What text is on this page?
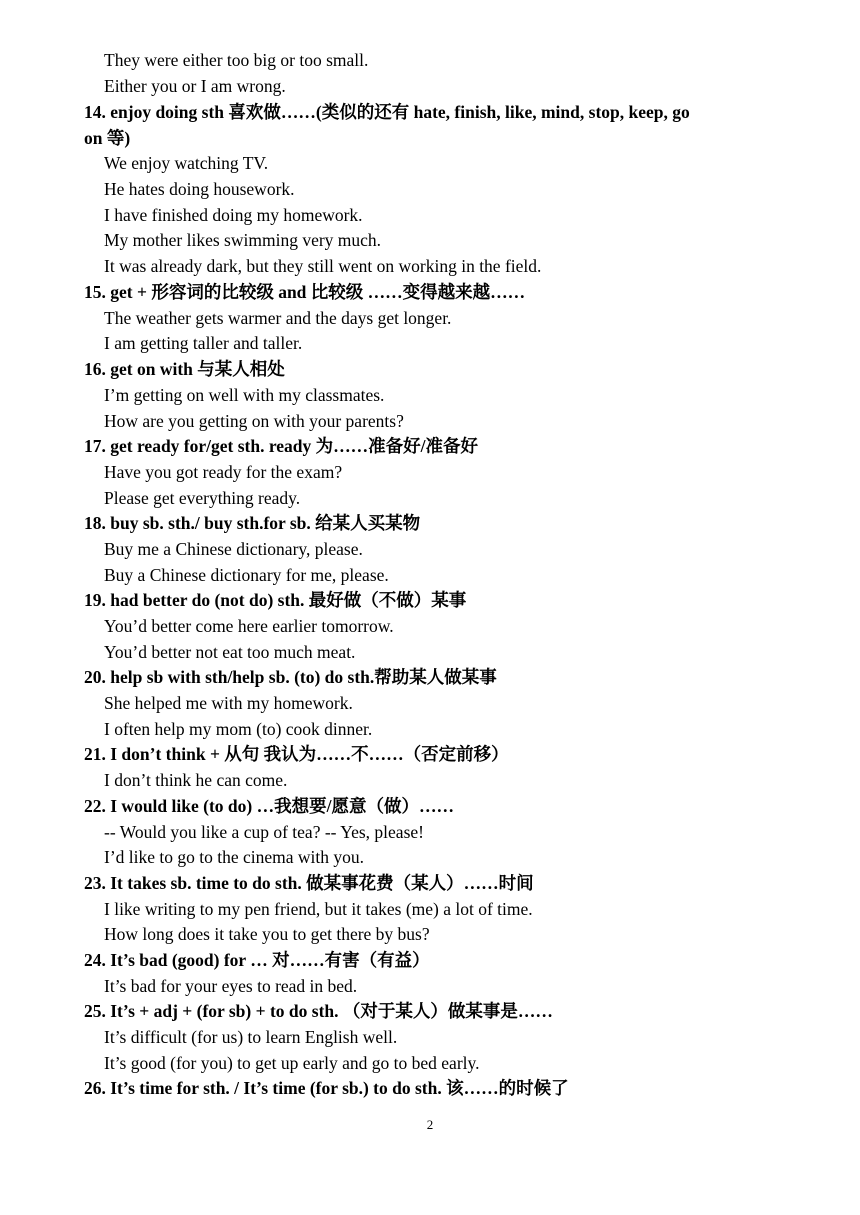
They were either too big or too small.
Either you or I am wrong.
14. enjoy doing sth 喜欢做……(类似的还有 hate, finish, like, mind, stop, keep, go
on 等)
We enjoy watching TV.
He hates doing housework.
I have finished doing my homework.
My mother likes swimming very much.
It was already dark, but they still went on working in the field.
15. get + 形容词的比较级 and 比较级 ……变得越来越……
The weather gets warmer and the days get longer.
I am getting taller and taller.
16. get on with 与某人相处
I’m getting on well with my classmates.
How are you getting on with your parents?
17. get ready for/get sth. ready 为……准备好/准备好
Have you got ready for the exam?
Please get everything ready.
18. buy sb. sth./ buy sth.for sb. 给某人买某物
Buy me a Chinese dictionary, please.
Buy a Chinese dictionary for me, please.
19. had better do (not do) sth. 最好做（不做）某事
You’d better come here earlier tomorrow.
You’d better not eat too much meat.
20. help sb with sth/help sb. (to) do sth.帮助某人做某事
She helped me with my homework.
I often help my mom (to) cook dinner.
21. I don’t think + 从句 我认为……不……（否定前移）
I don’t think he can come.
22. I would like (to do) …我想要/愿意（做）……
-- Would you like a cup of tea? -- Yes, please!
I’d like to go to the cinema with you.
23. It takes sb. time to do sth. 做某事花费（某人）……时间
I like writing to my pen friend, but it takes (me) a lot of time.
How long does it take you to get there by bus?
24. It’s bad (good) for … 对……有害（有益）
It’s bad for your eyes to read in bed.
25. It’s + adj + (for sb) + to do sth. （对于某人）做某事是……
It’s difficult (for us) to learn English well.
It’s good (for you) to get up early and go to bed early.
26. It’s time for sth. / It’s time (for sb.) to do sth. 该……的时候了
2
